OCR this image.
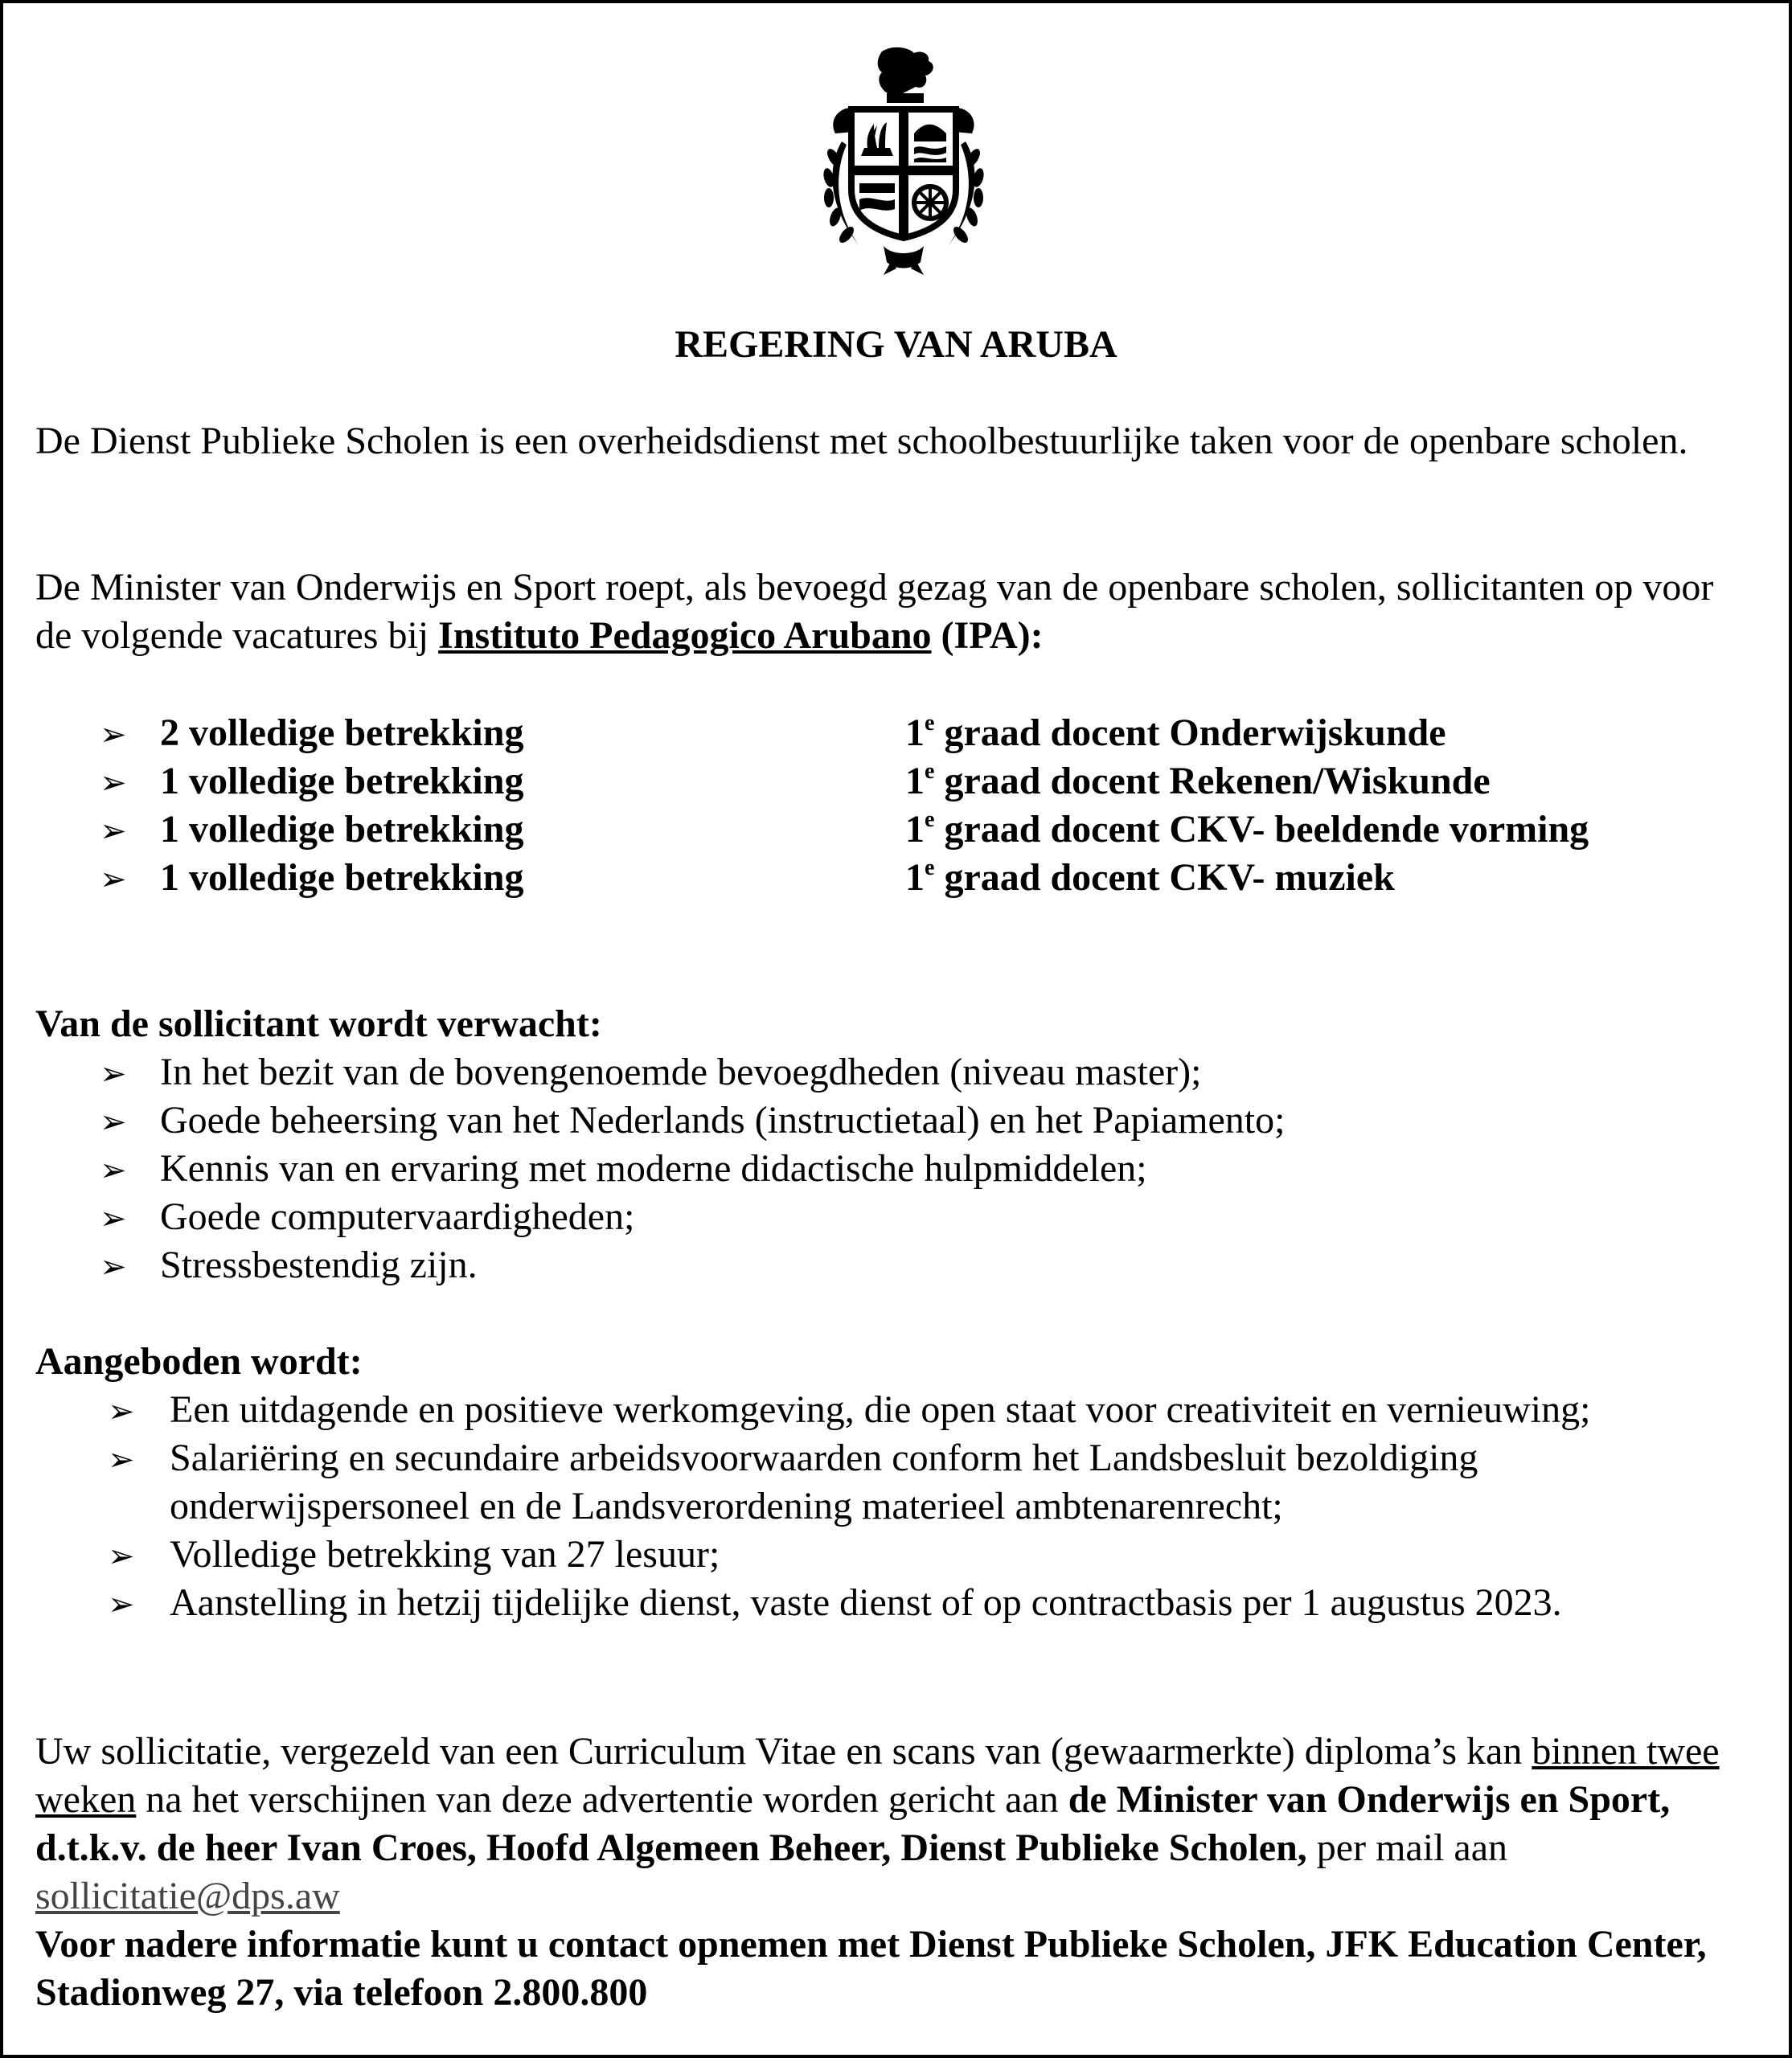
REGERING VAN ARUBA
De Dienst Publieke Scholen is een overheidsdienst met schoolbestuurlijke taken voor de openbare scholen.
De Minister van Onderwijs en Sport roept, als bevoegd gezag van de openbare scholen, sollicitanten op voor de volgende vacatures bij Instituto Pedagogico Arubano (IPA):
➢ 2 volledige betrekking	1e graad docent Onderwijskunde
➢ 1 volledige betrekking	1e graad docent Rekenen/Wiskunde
➢ 1 volledige betrekking	1e graad docent CKV- beeldende vorming
➢ 1 volledige betrekking	1e graad docent CKV- muziek
Van de sollicitant wordt verwacht:
➢ In het bezit van de bovengenoemde bevoegdheden (niveau master);
➢ Goede beheersing van het Nederlands (instructietaal) en het Papiamento;
➢ Kennis van en ervaring met moderne didactische hulpmiddelen;
➢ Goede computervaardigheden;
➢ Stressbestendig zijn.
Aangeboden wordt:
➢ Een uitdagende en positieve werkomgeving, die open staat voor creativiteit en vernieuwing;
➢ Salariëring en secundaire arbeidsvoorwaarden conform het Landsbesluit bezoldiging
onderwijspersoneel en de Landsverordening materieel ambtenarenrecht;
➢ Volledige betrekking van 27 lesuur;
➢ Aanstelling in hetzij tijdelijke dienst, vaste dienst of op contractbasis per 1 augustus 2023.
Uw sollicitatie, vergezeld van een Curriculum Vitae en scans van (gewaarmerkte) diploma’s kan binnen twee weken na het verschijnen van deze advertentie worden gericht aan de Minister van Onderwijs en Sport, d.t.k.v. de heer Ivan Croes, Hoofd Algemeen Beheer, Dienst Publieke Scholen, per mail aan sollicitatie@dps.aw
Voor nadere informatie kunt u contact opnemen met Dienst Publieke Scholen, JFK Education Center, Stadionweg 27, via telefoon 2.800.800
